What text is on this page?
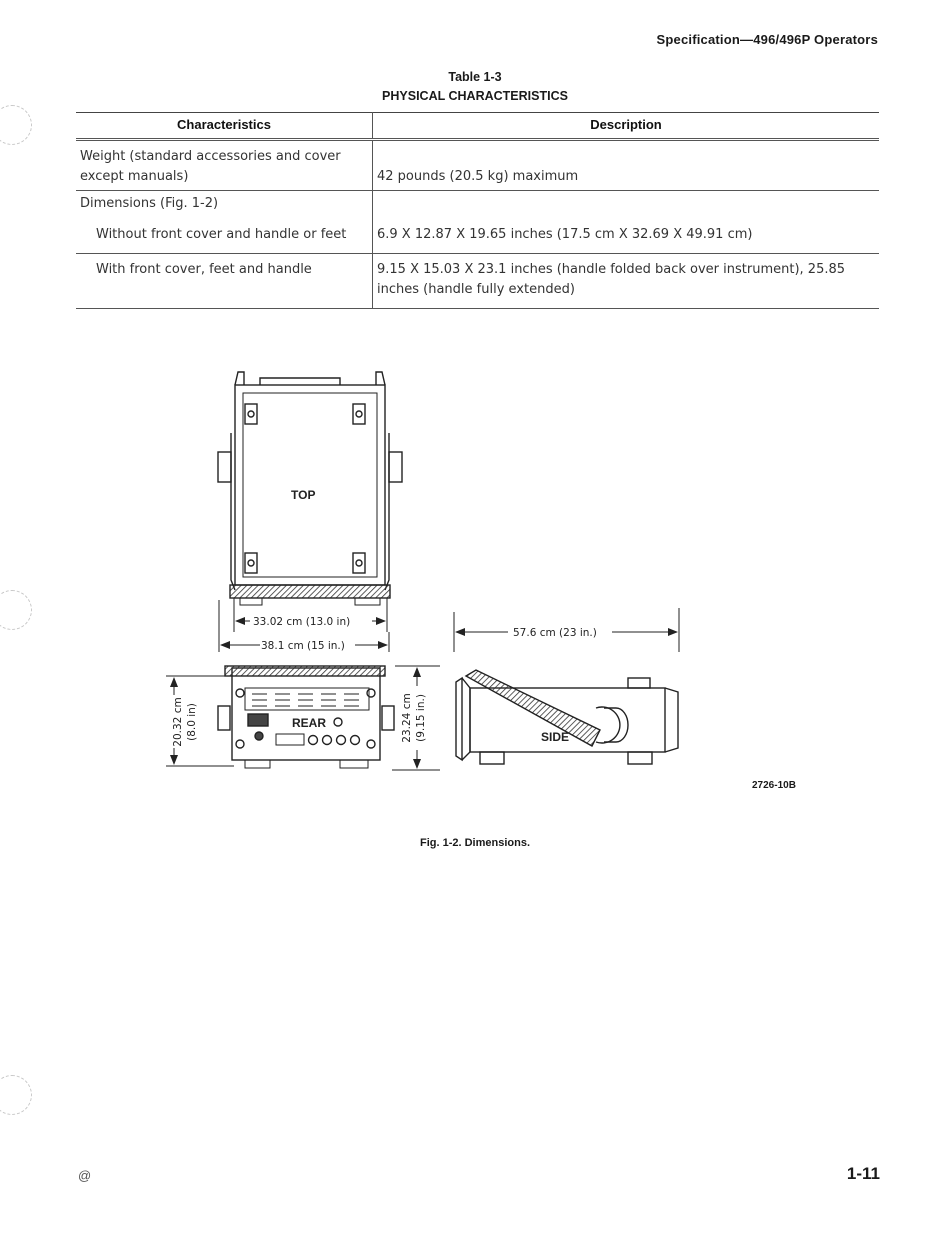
Specification—496/496P Operators
Table 1-3
PHYSICAL CHARACTERISTICS
Characteristics	Description
Weight (standard accessories and cover except manuals)	42 pounds (20.5 kg) maximum
Dimensions (Fig. 1-2)	
Without front cover and handle or feet	6.9 X 12.87 X 19.65 inches (17.5 cm X 32.69 X 49.91 cm)
With front cover, feet and handle	9.15 X 15.03 X 23.1 inches (handle folded back over instrument), 25.85 inches (handle fully extended)
TOP
33.02 cm (13.0 in)
38.1 cm (15 in.)
57.6 cm (23 in.)
REAR
20.32 cm (8.0 in)	23.24 cm (9.15 in.)	SIDE
2726-10B
Fig. 1-2. Dimensions.
@	1-11
